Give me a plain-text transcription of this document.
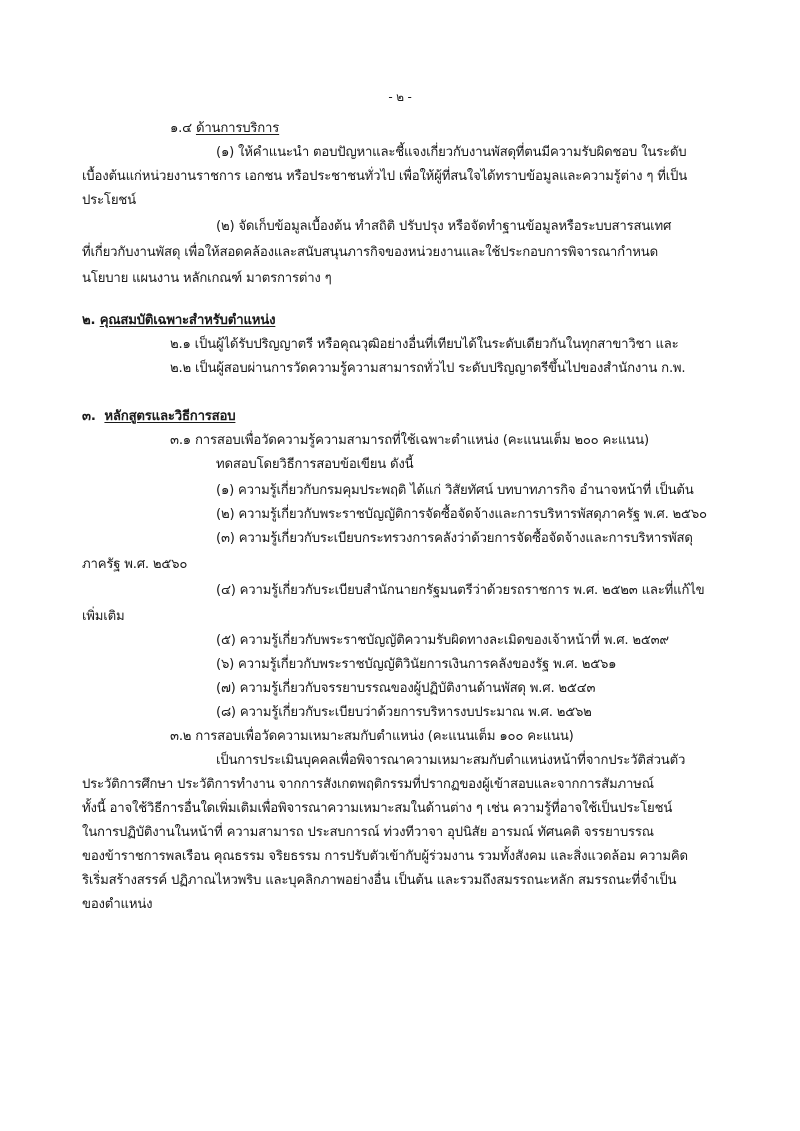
- ๒ -
๑.๔ ด้านการบริการ
(๑) ให้คำแนะนำ ตอบปัญหาและชี้แจงเกี่ยวกับงานพัสดุที่ตนมีความรับผิดชอบ ในระดับ
เบื้องต้นแก่หน่วยงานราชการ เอกชน หรือประชาชนทั่วไป เพื่อให้ผู้ที่สนใจได้ทราบข้อมูลและความรู้ต่าง ๆ ที่เป็น
ประโยชน์
(๒) จัดเก็บข้อมูลเบื้องต้น ทำสถิติ ปรับปรุง หรือจัดทำฐานข้อมูลหรือระบบสารสนเทศ
ที่เกี่ยวกับงานพัสดุ เพื่อให้สอดคล้องและสนับสนุนภารกิจของหน่วยงานและใช้ประกอบการพิจารณากำหนด
นโยบาย แผนงาน หลักเกณฑ์ มาตรการต่าง ๆ
๒. คุณสมบัติเฉพาะสำหรับตำแหน่ง
๒.๑ เป็นผู้ได้รับปริญญาตรี หรือคุณวุฒิอย่างอื่นที่เทียบได้ในระดับเดียวกันในทุกสาขาวิชา และ
๒.๒ เป็นผู้สอบผ่านการวัดความรู้ความสามารถทั่วไป ระดับปริญญาตรีขึ้นไปของสำนักงาน ก.พ.
๓. หลักสูตรและวิธีการสอบ
๓.๑ การสอบเพื่อวัดความรู้ความสามารถที่ใช้เฉพาะตำแหน่ง (คะแนนเต็ม ๒๐๐ คะแนน)
ทดสอบโดยวิธีการสอบข้อเขียน ดังนี้
(๑) ความรู้เกี่ยวกับกรมคุมประพฤติ ได้แก่ วิสัยทัศน์ บทบาทภารกิจ อำนาจหน้าที่ เป็นต้น
(๒) ความรู้เกี่ยวกับพระราชบัญญัติการจัดซื้อจัดจ้างและการบริหารพัสดุภาครัฐ พ.ศ. ๒๕๖๐
(๓) ความรู้เกี่ยวกับระเบียบกระทรวงการคลังว่าด้วยการจัดซื้อจัดจ้างและการบริหารพัสดุ
ภาครัฐ พ.ศ. ๒๕๖๐
(๔) ความรู้เกี่ยวกับระเบียบสำนักนายกรัฐมนตรีว่าด้วยรถราชการ พ.ศ. ๒๕๒๓ และที่แก้ไข
เพิ่มเติม
(๕) ความรู้เกี่ยวกับพระราชบัญญัติความรับผิดทางละเมิดของเจ้าหน้าที่ พ.ศ. ๒๕๓๙
(๖) ความรู้เกี่ยวกับพระราชบัญญัติวินัยการเงินการคลังของรัฐ พ.ศ. ๒๕๖๑
(๗) ความรู้เกี่ยวกับจรรยาบรรณของผู้ปฏิบัติงานด้านพัสดุ พ.ศ. ๒๕๔๓
(๘) ความรู้เกี่ยวกับระเบียบว่าด้วยการบริหารงบประมาณ พ.ศ. ๒๕๖๒
๓.๒ การสอบเพื่อวัดความเหมาะสมกับตำแหน่ง (คะแนนเต็ม ๑๐๐ คะแนน)
เป็นการประเมินบุคคลเพื่อพิจารณาความเหมาะสมกับตำแหน่งหน้าที่จากประวัติส่วนตัว
ประวัติการศึกษา ประวัติการทำงาน จากการสังเกตพฤติกรรมที่ปรากฏของผู้เข้าสอบและจากการสัมภาษณ์
ทั้งนี้ อาจใช้วิธีการอื่นใดเพิ่มเติมเพื่อพิจารณาความเหมาะสมในด้านต่าง ๆ เช่น ความรู้ที่อาจใช้เป็นประโยชน์
ในการปฏิบัติงานในหน้าที่ ความสามารถ ประสบการณ์ ท่วงทีวาจา อุปนิสัย อารมณ์ ทัศนคติ จรรยาบรรณ
ของข้าราชการพลเรือน คุณธรรม จริยธรรม การปรับตัวเข้ากับผู้ร่วมงาน รวมทั้งสังคม และสิ่งแวดล้อม ความคิด
ริเริ่มสร้างสรรค์ ปฏิภาณไหวพริบ และบุคลิกภาพอย่างอื่น เป็นต้น และรวมถึงสมรรถนะหลัก สมรรถนะที่จำเป็น
ของตำแหน่ง
